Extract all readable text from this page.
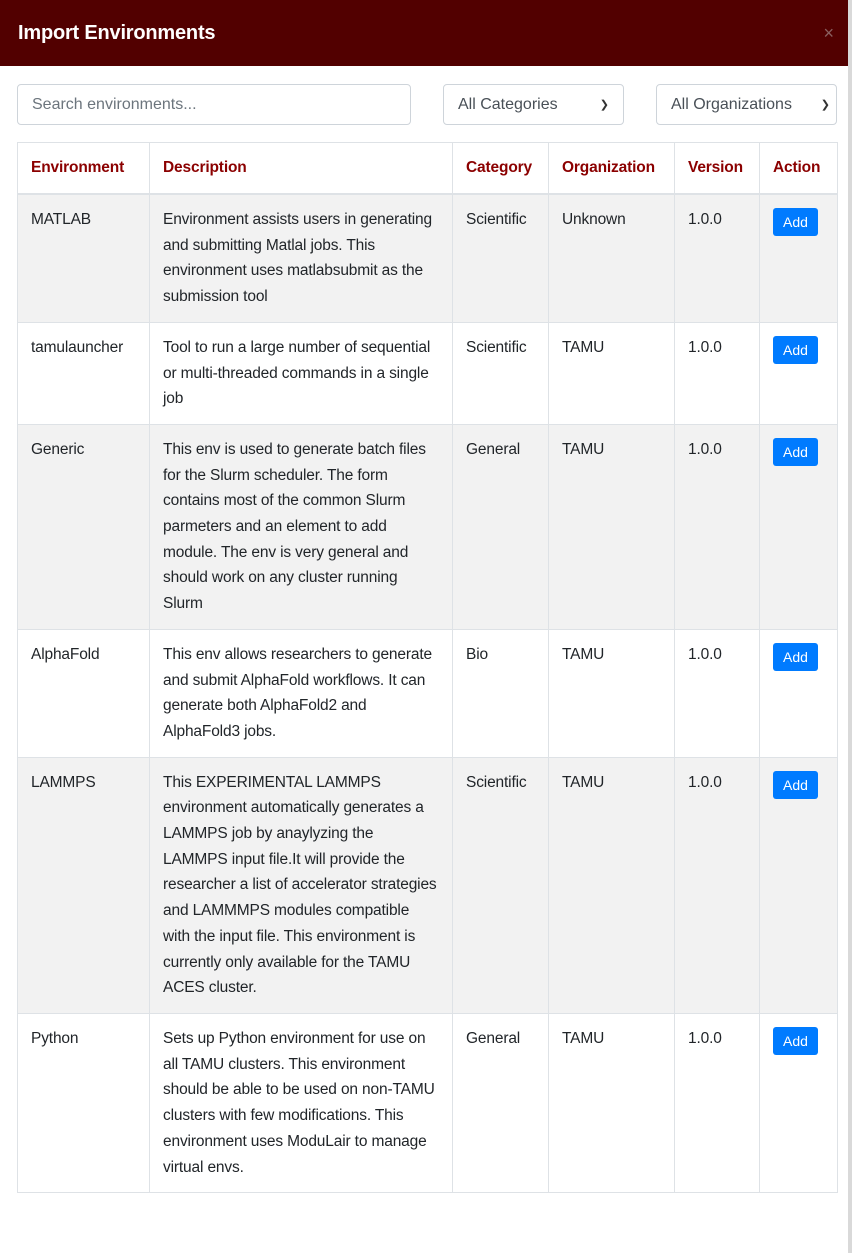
Import Environments	×
Search environments...
All Categories	❯	All Organizations	❯
Environment	Description	Category	Organization	Version	Action
MATLAB	Environment assists users in generating and submitting Matlal jobs. This environment uses matlabsubmit as the submission tool	Scientific	Unknown	1.0.0	Add
tamulauncher	Tool to run a large number of sequential or multi-threaded commands in a single job	Scientific	TAMU	1.0.0	Add
Generic	This env is used to generate batch files for the Slurm scheduler. The form contains most of the common Slurm parmeters and an element to add module. The env is very general and should work on any cluster running Slurm	General	TAMU	1.0.0	Add
AlphaFold	This env allows researchers to generate and submit AlphaFold workflows. It can generate both AlphaFold2 and AlphaFold3 jobs.	Bio	TAMU	1.0.0	Add
LAMMPS	This EXPERIMENTAL LAMMPS environment automatically generates a LAMMPS job by anaylyzing the LAMMPS input file.It will provide the researcher a list of accelerator strategies and LAMMMPS modules compatible with the input file. This environment is currently only available for the TAMU ACES cluster.	Scientific	TAMU	1.0.0	Add
Python	Sets up Python environment for use on all TAMU clusters. This environment should be able to be used on non-TAMU clusters with few modifications. This environment uses ModuLair to manage virtual envs.	General	TAMU	1.0.0	Add
